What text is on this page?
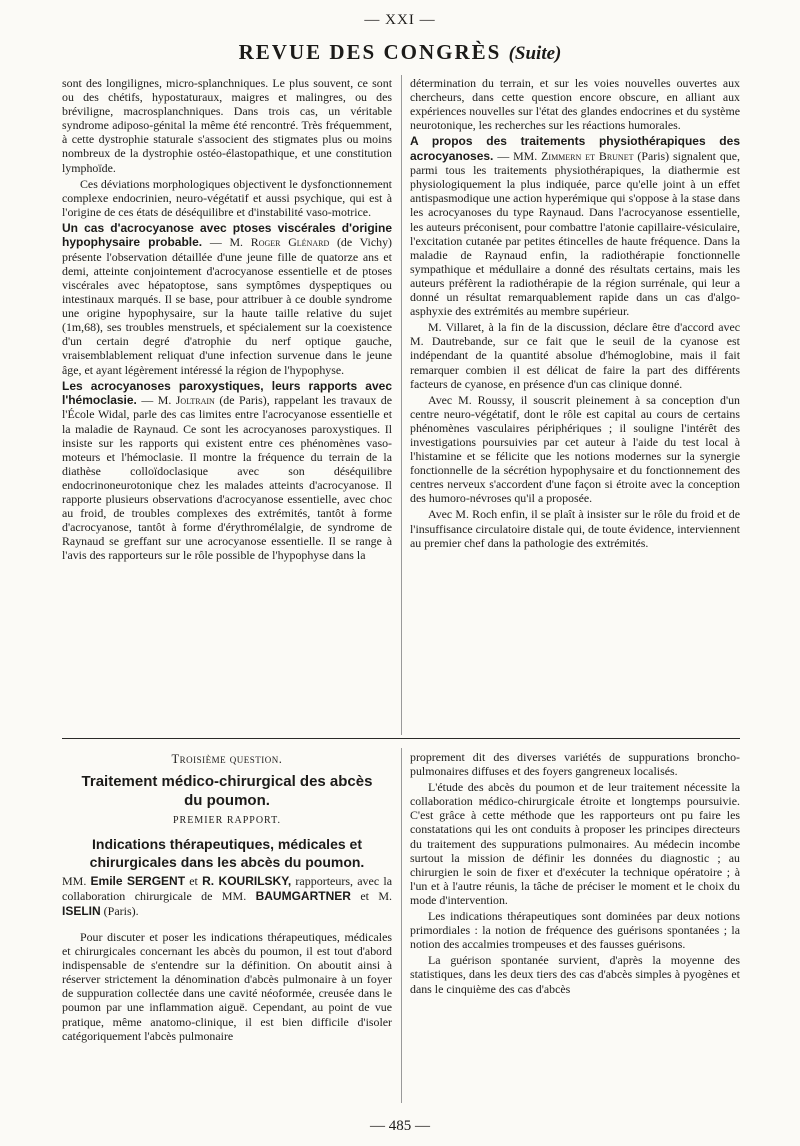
— XXI —
REVUE DES CONGRÈS (Suite)

sont des longilignes, micro-splanchniques. Le plus souvent, ce sont ou des chétifs, hypostaturaux, maigres et malingres, ou des bréviligne, macrosplanchniques. Dans trois cas, un véritable syndrome adiposo-génital la même été rencontré. Très fréquemment, à cette dystrophie staturale s'associent des stigmates plus ou moins nombreux de la dystrophie ostéo-élastopathique, et une constitution lymphoïde.

Ces déviations morphologiques objectivent le dysfonctionnement complexe endocrinien, neuro-végétatif et aussi psychique, qui est à l'origine de ces états de déséquilibre et d'instabilité vaso-motrice.

Un cas d'acrocyanose avec ptoses viscérales d'origine hypophysaire probable. — M. Roger Glénard (de Vichy) présente l'observation détaillée d'une jeune fille de quatorze ans et demi, atteinte conjointement d'acrocyanose essentielle et de ptoses viscérales avec hépatoptose, sans symptômes dyspeptiques ou intestinaux marqués. Il se base, pour attribuer à ce double syndrome une origine hypophysaire, sur la haute taille relative du sujet (1m,68), ses troubles menstruels, et spécialement sur la coexistence d'un certain degré d'atrophie du nerf optique gauche, vraisemblablement reliquat d'une infection survenue dans le jeune âge, et ayant légèrement intéressé la région de l'hypophyse.

Les acrocyanoses paroxystiques, leurs rapports avec l'hémoclasie. — M. Joltrain (de Paris), rappelant les travaux de l'École Widal, parle des cas limites entre l'acrocyanose essentielle et la maladie de Raynaud. Ce sont les acrocyanoses paroxystiques. Il insiste sur les rapports qui existent entre ces phénomènes vaso-moteurs et l'hémoclasie. Il montre la fréquence du terrain de la diathèse colloïdoclasique avec son déséquilibre endocrinoneurotonique chez les malades atteints d'acrocyanose. Il rapporte plusieurs observations d'acrocyanose essentielle, avec choc au froid, de troubles complexes des extrémités, tantôt à forme d'acrocyanose, tantôt à forme d'érythromélalgie, de syndrome de Raynaud se greffant sur une acrocyanose essentielle. Il se range à l'avis des rapporteurs sur le rôle possible de l'hypophyse dans la

détermination du terrain, et sur les voies nouvelles ouvertes aux chercheurs, dans cette question encore obscure, en alliant aux expériences nouvelles sur l'état des glandes endocrines et du système neurotonique, les recherches sur les réactions humorales.

A propos des traitements physiothérapiques des acrocyanoses. — MM. Zimmern et Brunet (Paris) signalent que, parmi tous les traitements physiothérapiques, la diathermie est physiologiquement la plus indiquée, parce qu'elle joint à un effet antispasmodique une action hyperémique qui s'oppose à la stase dans les acrocyanoses du type Raynaud. Dans l'acrocyanose essentielle, les auteurs préconisent, pour combattre l'atonie capillaire-vésiculaire, l'excitation cutanée par petites étincelles de haute fréquence. Dans la maladie de Raynaud enfin, la radiothérapie fonctionnelle sympathique et médullaire a donné des résultats certains, mais les auteurs préfèrent la radiothérapie de la région surrénale, qui leur a donné un résultat remarquablement rapide dans un cas d'algo-asphyxie des extrémités au membre supérieur.

M. Villaret, à la fin de la discussion, déclare être d'accord avec M. Dautrebande, sur ce fait que le seuil de la cyanose est indépendant de la quantité absolue d'hémoglobine, mais il fait remarquer combien il est délicat de faire la part des différents facteurs de cyanose, en présence d'un cas clinique donné.

Avec M. Roussy, il souscrit pleinement à sa conception d'un centre neuro-végétatif, dont le rôle est capital au cours de certains phénomènes vasculaires périphériques ; il souligne l'intérêt des investigations poursuivies par cet auteur à l'aide du test local à l'histamine et se félicite que les notions modernes sur la synergie fonctionnelle de la sécrétion hypophysaire et du fonctionnement des centres nerveux s'accordent d'une façon si étroite avec la conception des humoro-névroses qu'il a proposée.

Avec M. Roch enfin, il se plaît à insister sur le rôle du froid et de l'insuffisance circulatoire distale qui, de toute évidence, interviennent au premier chef dans la pathologie des extrémités.

Troisième question.
Traitement médico-chirurgical des abcès
du poumon.
PREMIER RAPPORT.
Indications thérapeutiques, médicales et chirurgicales dans les abcès du poumon.
MM. Emile SERGENT et R. KOURILSKY, rapporteurs, avec la collaboration chirurgicale de MM. BAUMGARTNER et M. ISELIN (Paris).

Pour discuter et poser les indications thérapeutiques, médicales et chirurgicales concernant les abcès du poumon, il est tout d'abord indispensable de s'entendre sur la définition. On aboutit ainsi à réserver strictement la dénomination d'abcès pulmonaire à un foyer de suppuration collectée dans une cavité néoformée, creusée dans le poumon par une inflammation aiguë. Cependant, au point de vue pratique, même anatomo-clinique, il est bien difficile d'isoler catégoriquement l'abcès pulmonaire

proprement dit des diverses variétés de suppurations broncho-pulmonaires diffuses et des foyers gangreneux localisés.

L'étude des abcès du poumon et de leur traitement nécessite la collaboration médico-chirurgicale étroite et longtemps poursuivie. C'est grâce à cette méthode que les rapporteurs ont pu faire les constatations qui les ont conduits à proposer les principes directeurs du traitement des suppurations pulmonaires. Au médecin incombe surtout la mission de définir les données du diagnostic ; au chirurgien le soin de fixer et d'exécuter la technique opératoire ; à l'un et à l'autre réunis, la tâche de préciser le moment et le choix du mode d'intervention.

Les indications thérapeutiques sont dominées par deux notions primordiales : la notion de fréquence des guérisons spontanées ; la notion des accalmies trompeuses et des fausses guérisons.

La guérison spontanée survient, d'après la moyenne des statistiques, dans les deux tiers des cas d'abcès simples à pyogènes et dans le cinquième des cas d'abcès

— 485 —
